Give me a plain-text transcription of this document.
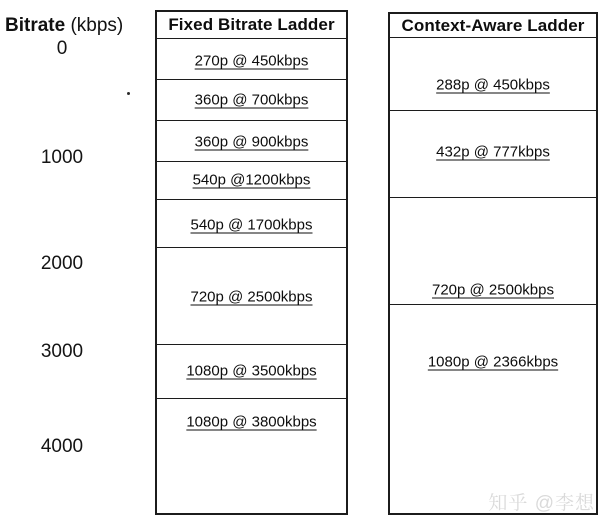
Bitrate (kbps)
0
1000
2000
3000
4000
Fixed Bitrate Ladder
270p @ 450kbps
360p @ 700kbps
360p @ 900kbps
540p @1200kbps
540p @ 1700kbps
720p @ 2500kbps
1080p @ 3500kbps
1080p @ 3800kbps
Context-Aware Ladder
288p @ 450kbps
432p @ 777kbps
720p @ 2500kbps
1080p @ 2366kbps
知乎 @李想
